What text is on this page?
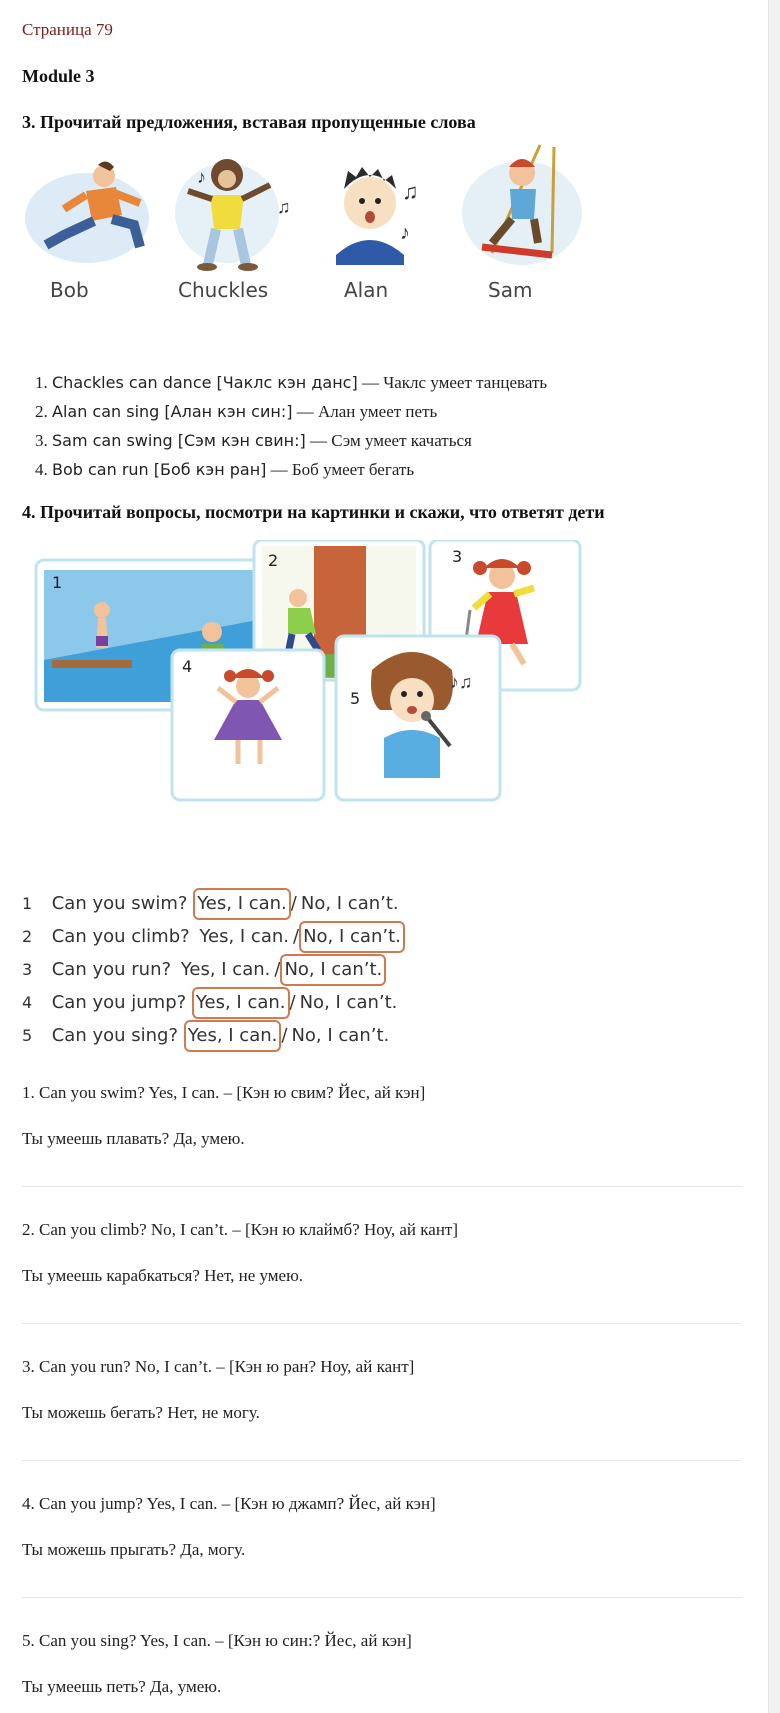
Страница 79
Module 3
3. Прочитай предложения, вставая пропущенные слова
Bob
♪
♫
Chuckles
♫
♪
Alan	Sam
1. Chackles can dance [Чаклс кэн данс] — Чаклс умеет танцевать
2. Alan can sing [Алан кэн син:] — Алан умеет петь
3. Sam can swing [Сэм кэн свин:] — Сэм умеет качаться
4. Bob can run [Боб кэн ран] — Боб умеет бегать
4. Прочитай вопросы, посмотри на картинки и скажи, что ответят дети
1
2	3
4
♪♫
5
1 Can you swim? Yes, I can. / No, I can’t.
2 Can you climb? Yes, I can. / No, I can’t.
3 Can you run? Yes, I can. / No, I can’t.
4 Can you jump? Yes, I can. / No, I can’t.
5 Can you sing? Yes, I can. / No, I can’t.

1. Can you swim? Yes, I can. – [Кэн ю свим? Йес, ай кэн]

Ты умеешь плавать? Да, умею.

2. Can you climb? No, I can’t. – [Кэн ю клаймб? Ноу, ай кант]

Ты умеешь карабкаться? Нет, не умею.

3. Can you run? No, I can’t. – [Кэн ю ран? Ноу, ай кант]

Ты можешь бегать? Нет, не могу.

4. Can you jump? Yes, I can. – [Кэн ю джамп? Йес, ай кэн]

Ты можешь прыгать? Да, могу.

5. Can you sing? Yes, I can. – [Кэн ю син:? Йес, ай кэн]

Ты умеешь петь? Да, умею.
